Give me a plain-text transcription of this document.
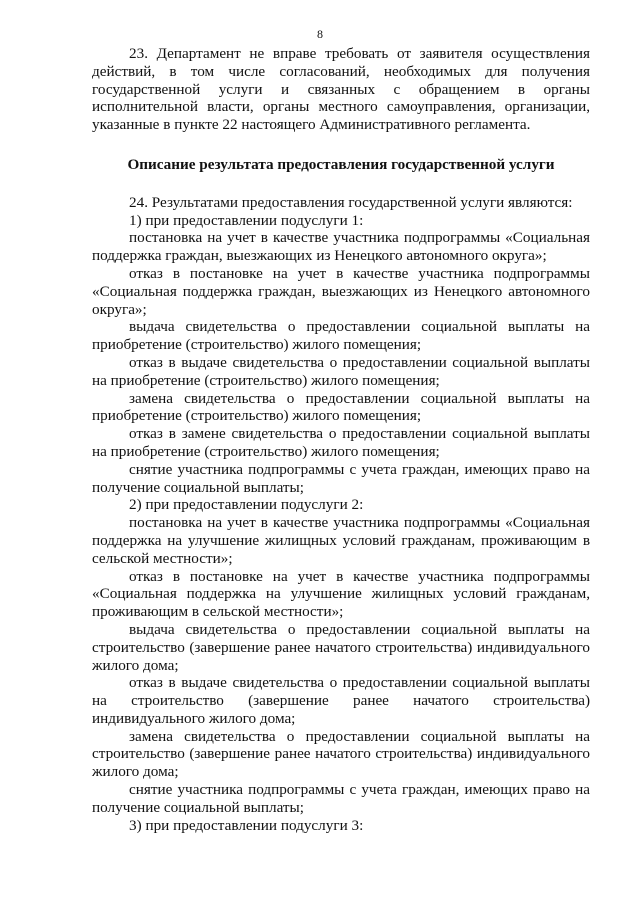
8

23. Департамент не вправе требовать от заявителя осуществления действий, в том числе согласований, необходимых для получения государственной услуги и связанных с обращением в органы исполнительной власти, органы местного самоуправления, организации, указанные в пункте 22 настоящего Административного регламента.

Описание результата предоставления государственной услуги

24. Результатами предоставления государственной услуги являются:

1) при предоставлении подуслуги 1:

постановка на учет в качестве участника подпрограммы «Социальная поддержка граждан, выезжающих из Ненецкого автономного округа»;

отказ в постановке на учет в качестве участника подпрограммы «Социальная поддержка граждан, выезжающих из Ненецкого автономного округа»;

выдача свидетельства о предоставлении социальной выплаты на приобретение (строительство) жилого помещения;

отказ в выдаче свидетельства о предоставлении социальной выплаты на приобретение (строительство) жилого помещения;

замена свидетельства о предоставлении социальной выплаты на приобретение (строительство) жилого помещения;

отказ в замене свидетельства о предоставлении социальной выплаты на приобретение (строительство) жилого помещения;

снятие участника подпрограммы с учета граждан, имеющих право на получение социальной выплаты;

2) при предоставлении подуслуги 2:

постановка на учет в качестве участника подпрограммы «Социальная поддержка на улучшение жилищных условий гражданам, проживающим в сельской местности»;

отказ в постановке на учет в качестве участника подпрограммы «Социальная поддержка на улучшение жилищных условий гражданам, проживающим в сельской местности»;

выдача свидетельства о предоставлении социальной выплаты на строительство (завершение ранее начатого строительства) индивидуального жилого дома;

отказ в выдаче свидетельства о предоставлении социальной выплаты на строительство (завершение ранее начатого строительства) индивидуального жилого дома;

замена свидетельства о предоставлении социальной выплаты на строительство (завершение ранее начатого строительства) индивидуального жилого дома;

снятие участника подпрограммы с учета граждан, имеющих право на получение социальной выплаты;

3) при предоставлении подуслуги 3:
